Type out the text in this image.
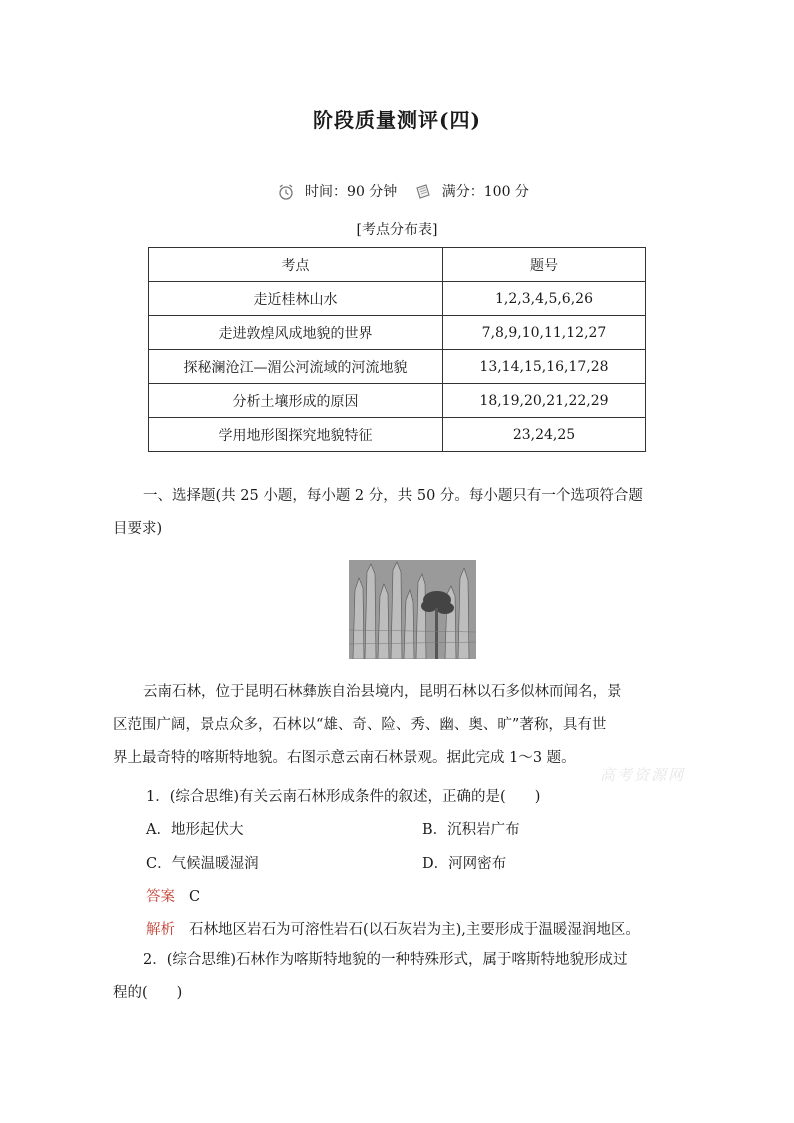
阶段质量测评(四)
时间：90 分钟	满分：100 分
[考点分布表]
考点	题号
走近桂林山水	1,2,3,4,5,6,26
走进敦煌风成地貌的世界	7,8,9,10,11,12,27
探秘澜沧江—湄公河流域的河流地貌	13,14,15,16,17,28
分析土壤形成的原因	18,19,20,21,22,29
学用地形图探究地貌特征	23,24,25
一、选择题(共 25 小题，每小题 2 分，共 50 分。每小题只有一个选项符合题
目要求)
云南石林，位于昆明石林彝族自治县境内，昆明石林以石多似林而闻名，景
区范围广阔，景点众多，石林以“雄、奇、险、秀、幽、奥、旷”著称，具有世
界上最奇特的喀斯特地貌。右图示意云南石林景观。据此完成 1～3 题。
高考资源网
1．(综合思维)有关云南石林形成条件的叙述，正确的是(　　)
A．地形起伏大	B．沉积岩广布
C．气候温暖湿润	D．河网密布
答案 C
解析 石林地区岩石为可溶性岩石(以石灰岩为主),主要形成于温暖湿润地区。
2．(综合思维)石林作为喀斯特地貌的一种特殊形式，属于喀斯特地貌形成过
程的(　　)
